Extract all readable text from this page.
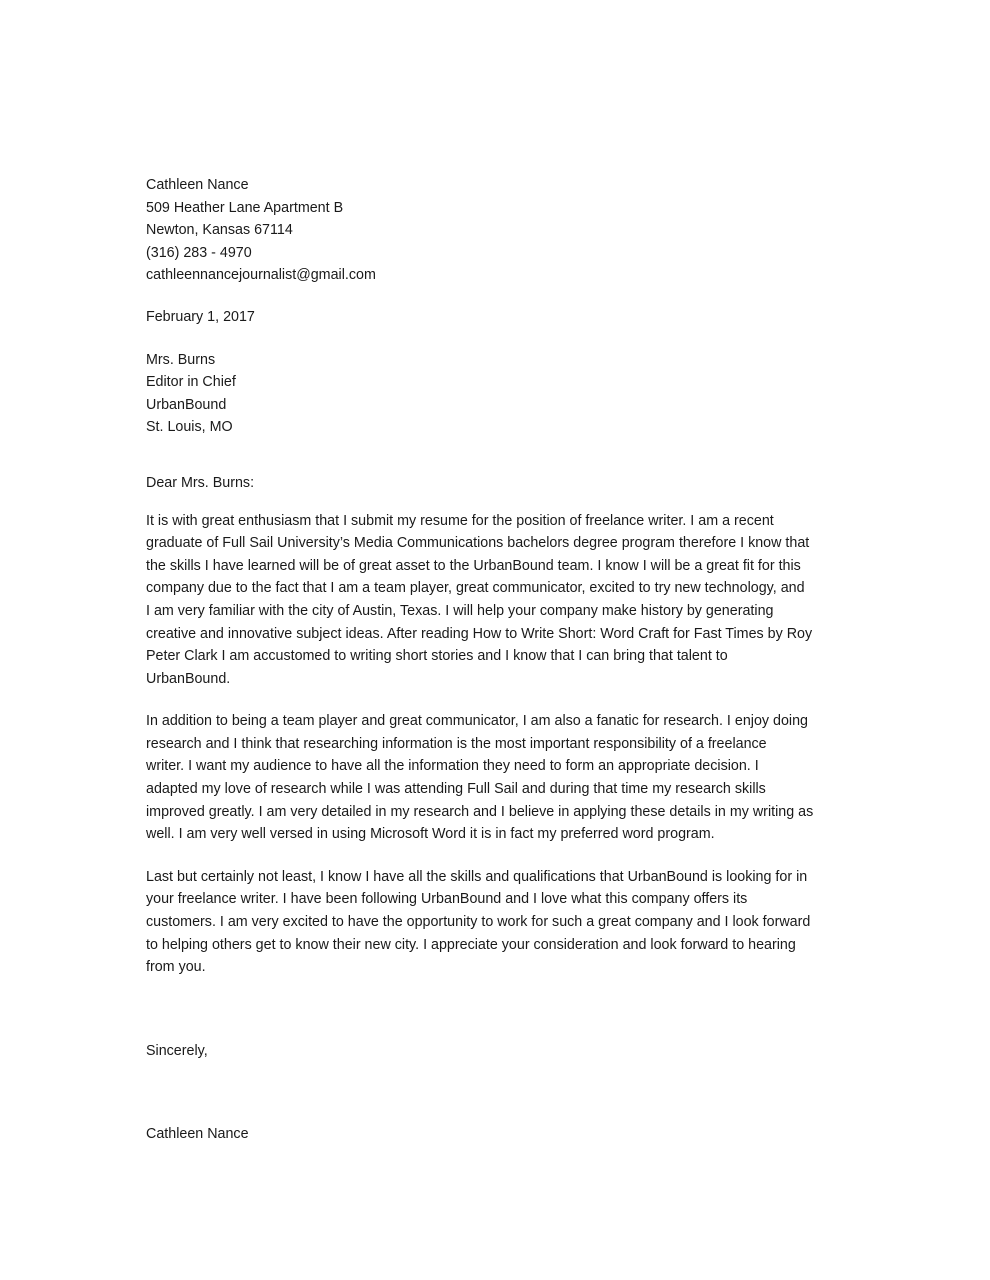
Cathleen Nance
509 Heather Lane Apartment B
Newton, Kansas 67114
(316) 283 - 4970
cathleennancejournalist@gmail.com
February 1, 2017
Mrs. Burns
Editor in Chief
UrbanBound
St. Louis, MO
Dear Mrs. Burns:
It is with great enthusiasm that I submit my resume for the position of freelance writer. I am a recent
graduate of Full Sail University’s Media Communications bachelors degree program therefore I know that
the skills I have learned will be of great asset to the UrbanBound team. I know I will be a great fit for this
company due to the fact that I am a team player, great communicator, excited to try new technology, and
I am very familiar with the city of Austin, Texas. I will help your company make history by generating
creative and innovative subject ideas. After reading How to Write Short: Word Craft for Fast Times by Roy
Peter Clark I am accustomed to writing short stories and I know that I can bring that talent to
UrbanBound.
In addition to being a team player and great communicator, I am also a fanatic for research. I enjoy doing
research and I think that researching information is the most important responsibility of a freelance
writer. I want my audience to have all the information they need to form an appropriate decision. I
adapted my love of research while I was attending Full Sail and during that time my research skills
improved greatly. I am very detailed in my research and I believe in applying these details in my writing as
well. I am very well versed in using Microsoft Word it is in fact my preferred word program.
Last but certainly not least, I know I have all the skills and qualifications that UrbanBound is looking for in
your freelance writer. I have been following UrbanBound and I love what this company offers its
customers. I am very excited to have the opportunity to work for such a great company and I look forward
to helping others get to know their new city. I appreciate your consideration and look forward to hearing
from you.
Sincerely,
Cathleen Nance
